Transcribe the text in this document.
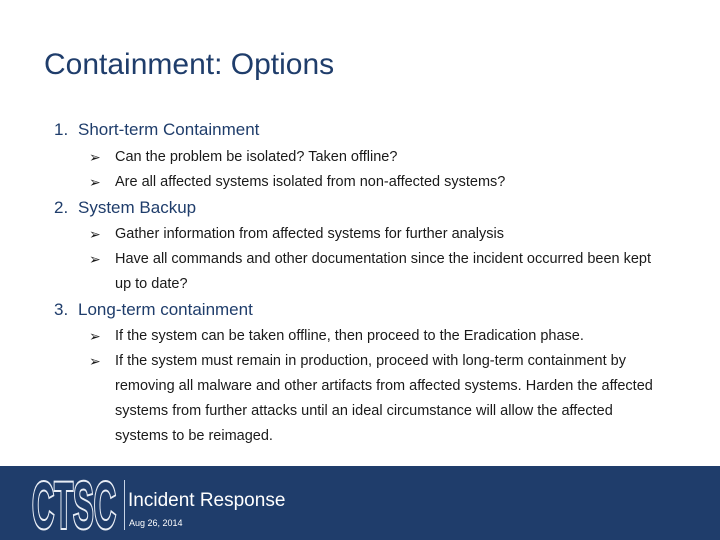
Containment: Options
1. Short-term Containment
➢ Can the problem be isolated? Taken offline?
➢ Are all affected systems isolated from non-affected systems?
2. System Backup
➢ Gather information from affected systems for further analysis
➢ Have all commands and other documentation since the incident occurred been kept up to date?
3. Long-term containment
➢ If the system can be taken offline, then proceed to the Eradication phase.
➢ If the system must remain in production, proceed with long-term containment by removing all malware and other artifacts from affected systems. Harden the affected systems from further attacks until an ideal circumstance will allow the affected systems to be reimaged.
CTSC Incident Response
Aug 26, 2014
